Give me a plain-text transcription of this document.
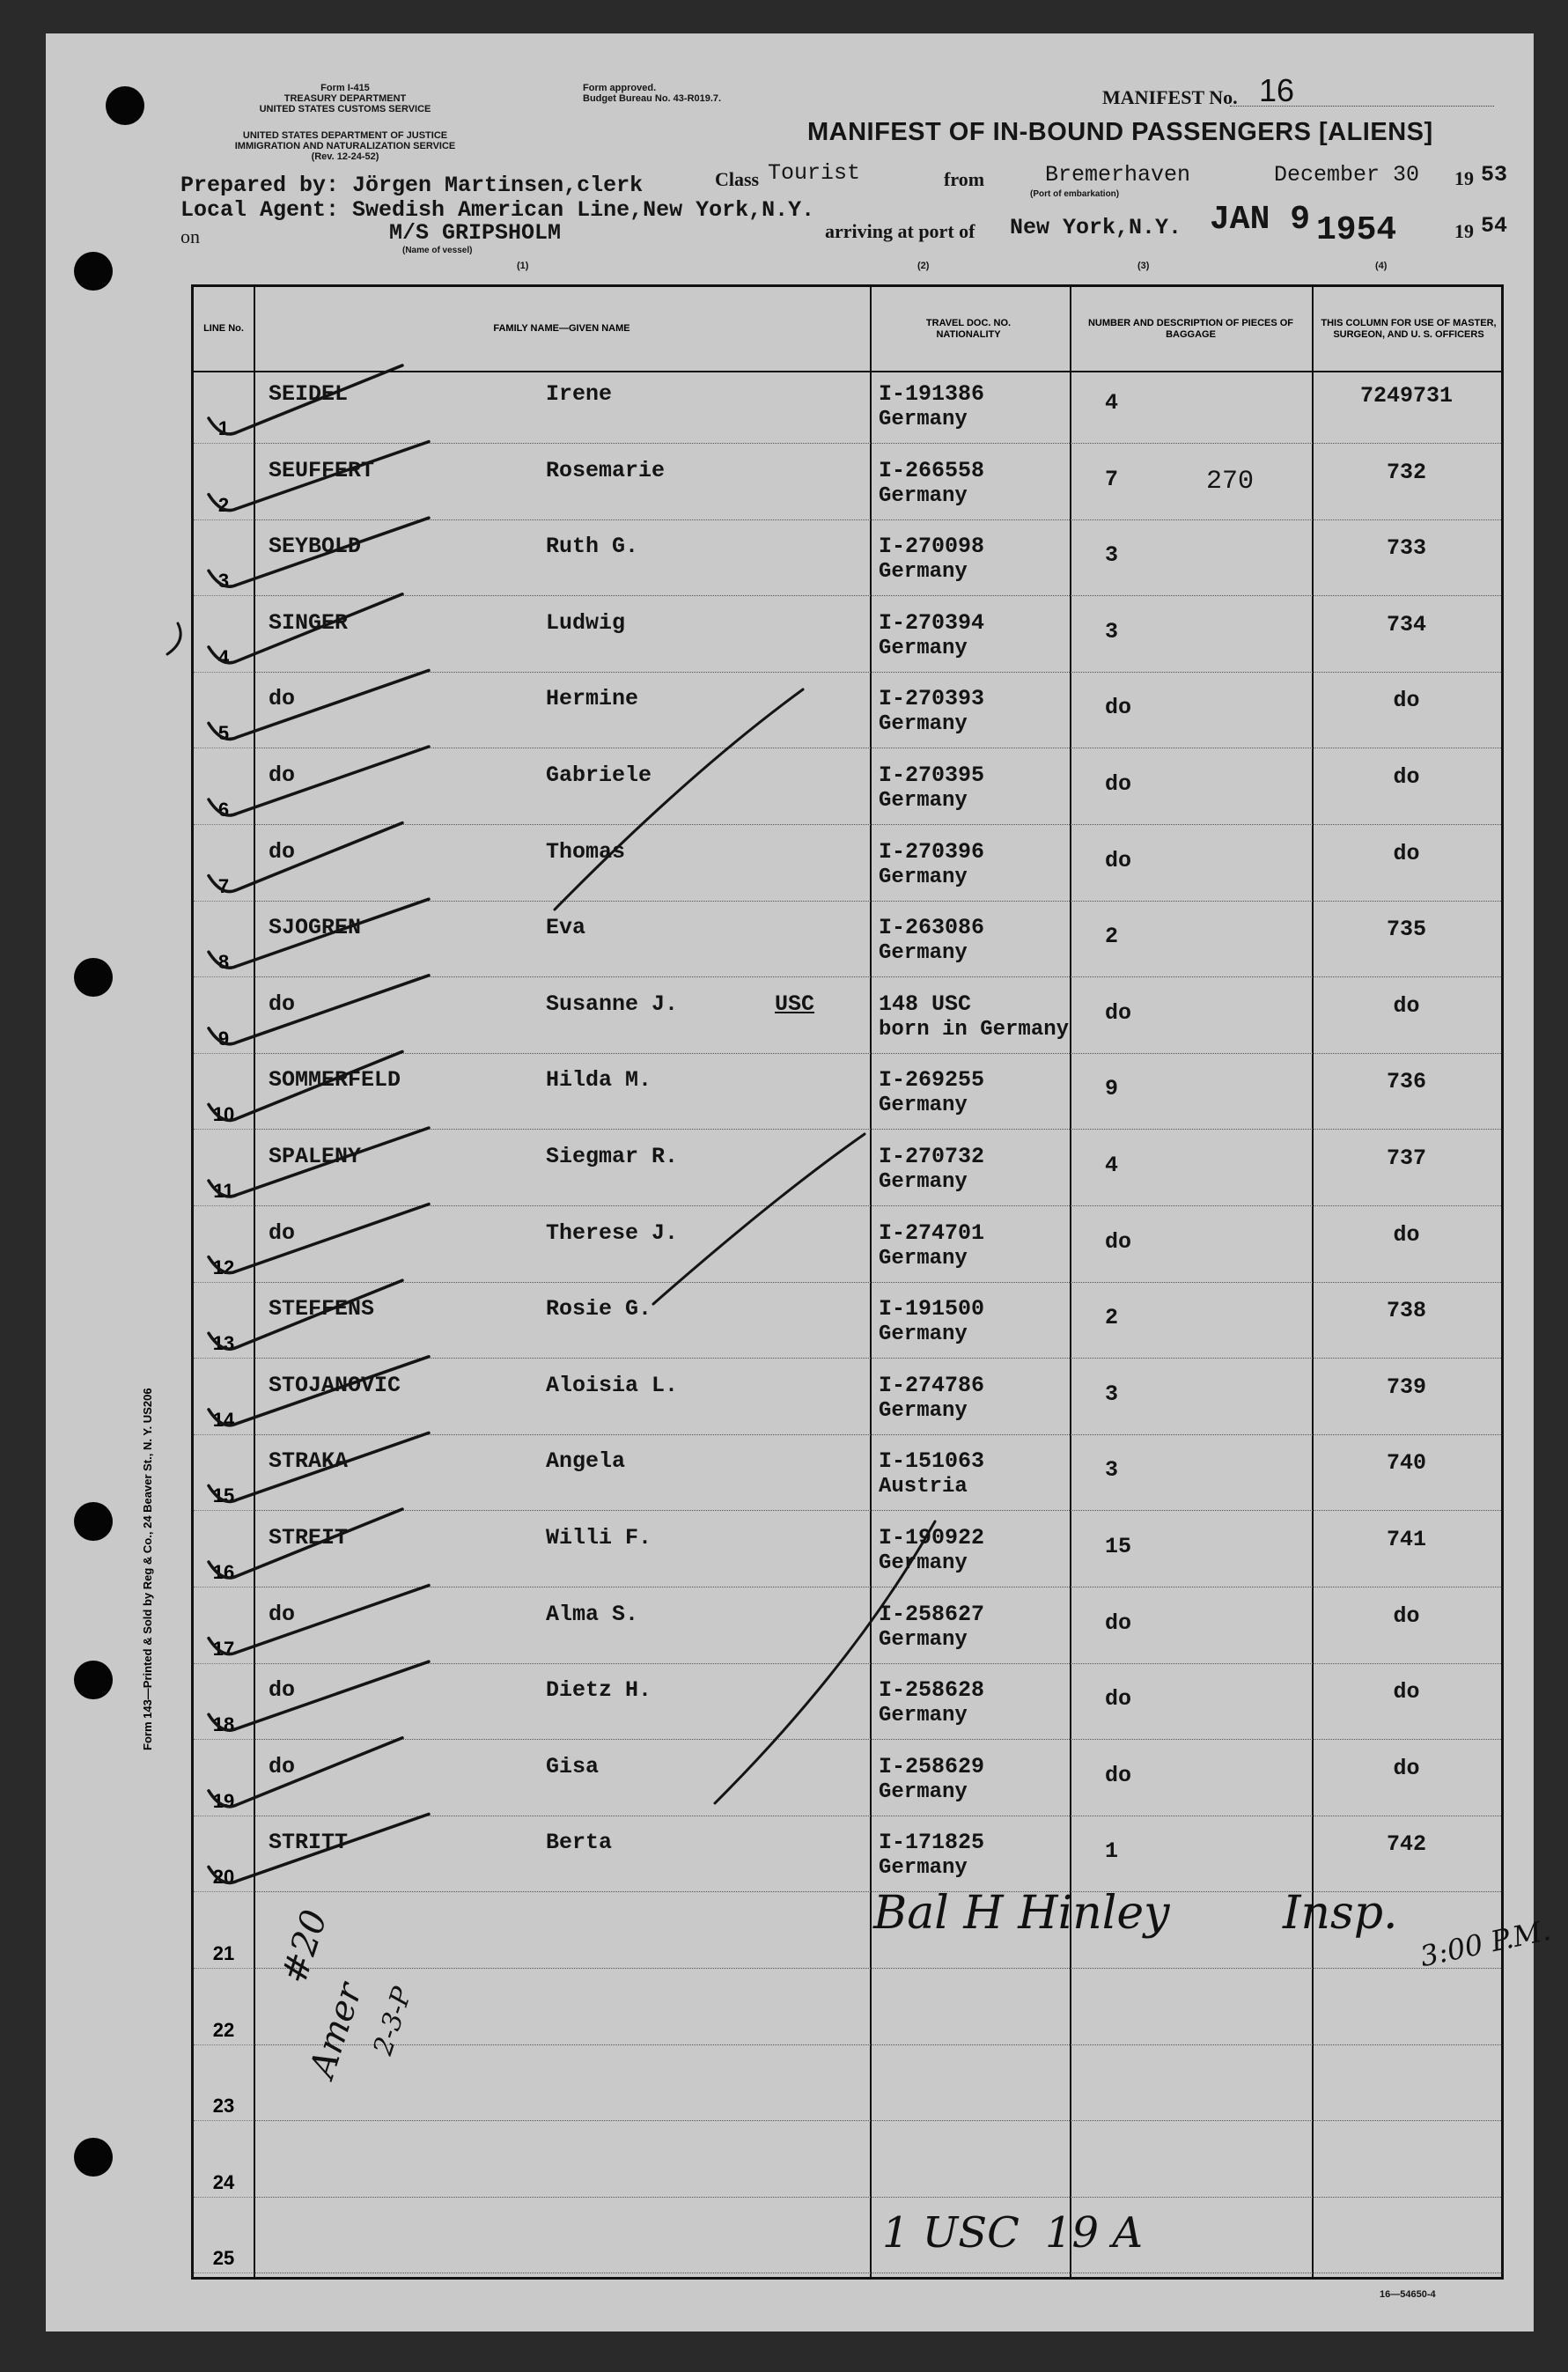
Form I-415
TREASURY DEPARTMENT
UNITED STATES CUSTOMS SERVICE
UNITED STATES DEPARTMENT OF JUSTICE
IMMIGRATION AND NATURALIZATION SERVICE
(Rev. 12-24-52)
Form approved.
Budget Bureau No. 43-R019.7.	MANIFEST No. 16
MANIFEST OF IN-BOUND PASSENGERS [ALIENS]
Prepared by: Jörgen Martinsen,clerk
Local Agent: Swedish American Line,New York,N.Y.
on	M/S GRIPSHOLM
(Name of vessel)
Class Tourist	from	Bremerhaven
(Port of embarkation)
December 30 19 53
arriving at port of New York,N.Y. JAN 9 1954	19 54
(1)	(2)	(3)	(4)
Form 143—Printed & Sold by Reg & Co., 24 Beaver St., N. Y. US206
LINE No.	FAMILY NAME—GIVEN NAME
TRAVEL DOC. NO. NATIONALITY
NUMBER AND DESCRIPTION OF PIECES OF BAGGAGE
THIS COLUMN FOR USE OF MASTER, SURGEON, AND U. S. OFFICERS
1
SEIDEL	Irene	I-191386
Germany
4	7249731
2
SEUFFERT	Rosemarie	I-266558
Germany
7	270	732
3
SEYBOLD	Ruth G.	I-270098
Germany
3	733
4
SINGER	Ludwig	I-270394
Germany
3	734
5
do	Hermine	I-270393
Germany
do	do
6
do	Gabriele	I-270395
Germany
do	do
7
do	Thomas	I-270396
Germany
do	do
8
SJOGREN	Eva	I-263086
Germany
2	735
9
do	Susanne J.	USC	148 USC
born in Germany
do	do
10
SOMMERFELD	Hilda M.	I-269255
Germany
9	736
11
SPALENY	Siegmar R.	I-270732
Germany
4	737
12
do	Therese J.	I-274701
Germany
do	do
13
STEFFENS	Rosie G.	I-191500
Germany
2	738
14
STOJANOVIC	Aloisia L.	I-274786
Germany
3	739
15
STRAKA	Angela	I-151063
Austria
3	740
16
STREIT	Willi F.	I-190922
Germany
15	741
17
do	Alma S.	I-258627
Germany
do	do
18
do	Dietz H.	I-258628
Germany
do	do
19
do	Gisa	I-258629
Germany
do	do
20
STRITT	Berta	I-171825
Germany
1	742
21
22
23
24
25
#20
Amer
2-3-P
Bal H Hinley Insp. 3:00 P.M.
1 USC 19 A
16—54650-4
